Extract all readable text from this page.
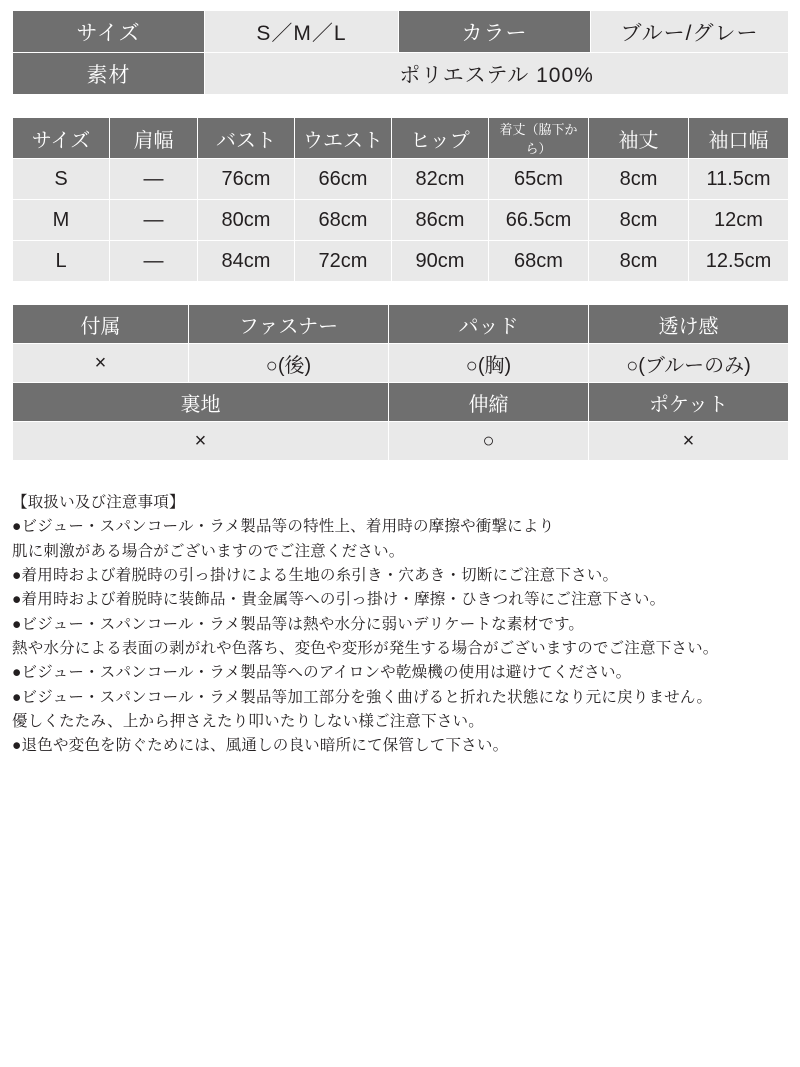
サイズ	S／M／L	カラー	ブルー/グレー
素材	ポリエステル 100%		
サイズ	肩幅	バスト	ウエスト	ヒップ	着丈（脇下から）	袖丈	袖口幅
S	—	76cm	66cm	82cm	65cm	8cm	11.5cm
M	—	80cm	68cm	86cm	66.5cm	8cm	12cm
L	—	84cm	72cm	90cm	68cm	8cm	12.5cm
付属	ファスナー	パッド	透け感
×	○(後)	○(胸)	○(ブルーのみ)
裏地		伸縮	ポケット
×		○	×
【取扱い及び注意事項】
●ビジュー・スパンコール・ラメ製品等の特性上、着用時の摩擦や衝撃により
肌に刺激がある場合がございますのでご注意ください。
●着用時および着脱時の引っ掛けによる生地の糸引き・穴あき・切断にご注意下さい。
●着用時および着脱時に装飾品・貴金属等への引っ掛け・摩擦・ひきつれ等にご注意下さい。
●ビジュー・スパンコール・ラメ製品等は熱や水分に弱いデリケートな素材です。
熱や水分による表面の剥がれや色落ち、変色や変形が発生する場合がございますのでご注意下さい。
●ビジュー・スパンコール・ラメ製品等へのアイロンや乾燥機の使用は避けてください。
●ビジュー・スパンコール・ラメ製品等加工部分を強く曲げると折れた状態になり元に戻りません。
優しくたたみ、上から押さえたり叩いたりしない様ご注意下さい。
●退色や変色を防ぐためには、風通しの良い暗所にて保管して下さい。
